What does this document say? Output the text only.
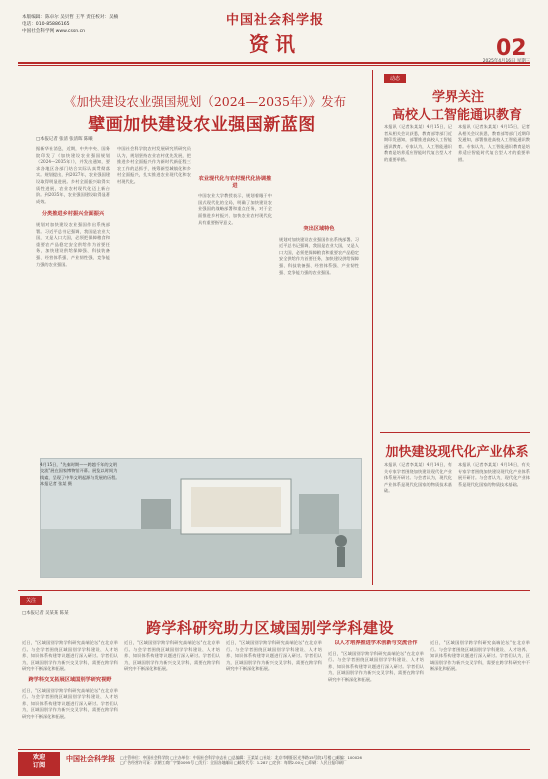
本版编辑：陈卓尔 吴贝哲 王芊 责任校对：吴楠
电话：010-85886165
中国社会科学网 www.cssn.cn
中国社会科学报
资讯	02
《加快建设农业强国规划（2024—2035年）》发布
擘画加快建设农业强国新蓝图
□本报记者 张清 张清晖 陈曦
据新华社消息，近期，中共中央、国务院印发了《加快建设农业强国规划（2024—2035年）》，并发出通知，要求各地区各部门结合实际认真贯彻落实。规划提出，到2027年，农业强国建设取得明显进展。乡村全面振兴取得实质性进展，农业农村现代化迈上新台阶。到2035年，农业强国建设取得显著成效。
分类推进乡村振兴全面振兴
规划对加快建设农业强国作出系统部署。习近平总书记强调，我国是农业大国，又是人口大国，必须把保障粮食和重要农产品稳定安全供给作为首要任务，加快建设供给保障强、科技装备强、经营体系强、产业韧性强、竞争能力强的农业强国。
中国社会科学院农村发展研究所研究员认为，规划坚持农业农村优先发展，把推进乡村全面振兴作为新时代新征程三农工作的总抓手，统筹新型城镇化和乡村全面振兴，扎实推进农业现代化和农村现代化。	农业现代化与农村现代化协调推进
中国农业大学教授表示，规划着眼于中国式现代化的全局，明确了加快建设农业强国的战略部署和重点任务，对于全面推进乡村振兴、加快农业农村现代化具有重要指导意义。
突出区域特色
规划对加快建设农业强国作出系统部署。习近平总书记强调，我国是农业大国，又是人口大国，必须把保障粮食和重要农产品稳定安全供给作为首要任务，加快建设供给保障强、科技装备强、经营体系强、产业韧性强、竞争能力强的农业强国。
4月15日，"先秦时期——跨越千年的文明交流"展在国家博物馆开幕。展览以时间为线索，呈现了中华文明起源与发展的历程。本报记者 张某 摄
动态
学界关注
高校人工智能通识教育
本报讯（记者朱某某）4月15日，记者从相关会议获悉，教育部等部门近期印发通知，部署推进高校人工智能通识教育。专家认为，人工智能通识教育是培养适应智能时代复合型人才的重要举措。
本报讯（记者朱某某）4月15日，记者从相关会议获悉，教育部等部门近期印发通知，部署推进高校人工智能通识教育。专家认为，人工智能通识教育是培养适应智能时代复合型人才的重要举措。
加快建设现代化产业体系
本报讯（记者李某某）4月14日，有关专家学者围绕加快建设现代化产业体系展开研讨。与会者认为，现代化产业体系是现代化国家的物质技术基础。
本报讯（记者李某某）4月14日，有关专家学者围绕加快建设现代化产业体系展开研讨。与会者认为，现代化产业体系是现代化国家的物质技术基础。
关注
□本报记者 吴某某 陈某
跨学科研究助力区域国别学学科建设
近日，"区域国别学跨学科研究高端论坛"在北京举行。与会学者围绕区域国别学学科建设、人才培养、知识体系构建等议题进行深入研讨。学者们认为，区域国别学作为新兴交叉学科，需要在跨学科研究中不断深化和拓展。
跨学科交叉拓展区域国别学研究视野
近日，"区域国别学跨学科研究高端论坛"在北京举行。与会学者围绕区域国别学学科建设、人才培养、知识体系构建等议题进行深入研讨。学者们认为，区域国别学作为新兴交叉学科，需要在跨学科研究中不断深化和拓展。
近日，"区域国别学跨学科研究高端论坛"在北京举行。与会学者围绕区域国别学学科建设、人才培养、知识体系构建等议题进行深入研讨。学者们认为，区域国别学作为新兴交叉学科，需要在跨学科研究中不断深化和拓展。
近日，"区域国别学跨学科研究高端论坛"在北京举行。与会学者围绕区域国别学学科建设、人才培养、知识体系构建等议题进行深入研讨。学者们认为，区域国别学作为新兴交叉学科，需要在跨学科研究中不断深化和拓展。
以人才培养推进学术创新与交流合作
近日，"区域国别学跨学科研究高端论坛"在北京举行。与会学者围绕区域国别学学科建设、人才培养、知识体系构建等议题进行深入研讨。学者们认为，区域国别学作为新兴交叉学科，需要在跨学科研究中不断深化和拓展。
近日，"区域国别学跨学科研究高端论坛"在北京举行。与会学者围绕区域国别学学科建设、人才培养、知识体系构建等议题进行深入研讨。学者们认为，区域国别学作为新兴交叉学科，需要在跨学科研究中不断深化和拓展。
欢迎
订阅
中国社会科学报 □主管单位：中国社会科学院 □主办单位：中国社会科学杂志社 □总编辑：王某某 □社址：北京市朝阳区光华路15号院1号楼 □邮编：100026
□广告经营许可证：京朝工商广字第0095号 □发行：全国各地邮局 □邮发代号：1-287 □定价：每期2.00元 □印刷：人民日报印刷厂
